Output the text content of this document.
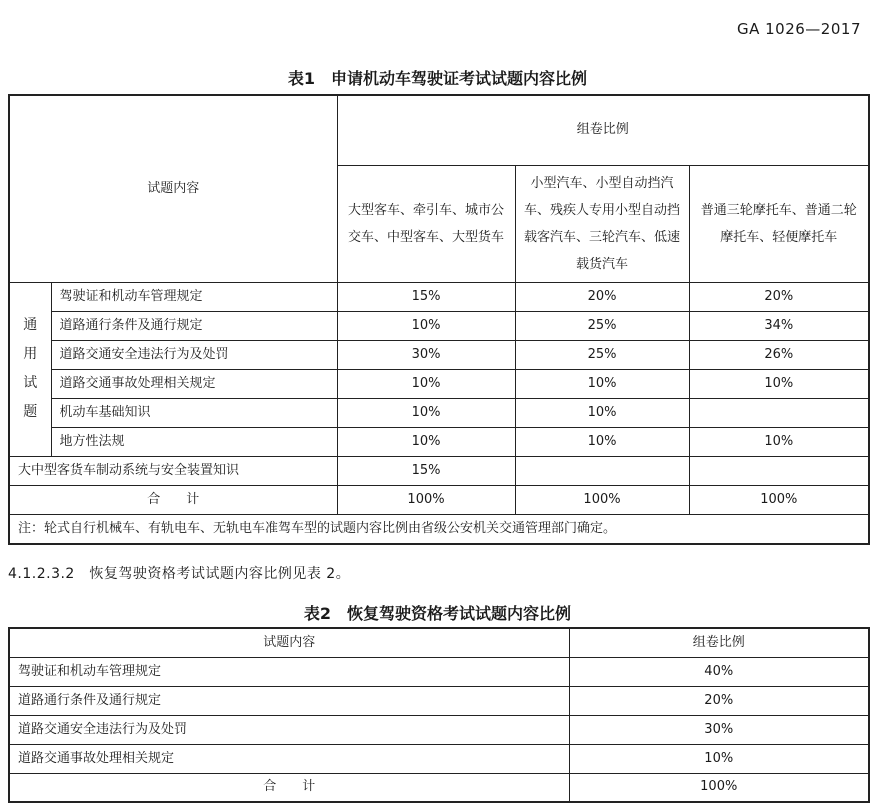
GA 1026—2017
表1　申请机动车驾驶证考试试题内容比例
试题内容		组卷比例		
		大型客车、牵引车、城市公交车、中型客车、大型货车	小型汽车、小型自动挡汽车、残疾人专用小型自动挡载客汽车、三轮汽车、低速载货汽车	普通三轮摩托车、普通二轮摩托车、轻便摩托车

通
用
试
题	驾驶证和机动车管理规定	15%	20%	20%
	道路通行条件及通行规定	10%	25%	34%
	道路交通安全违法行为及处罚	30%	25%	26%
	道路交通事故处理相关规定	10%	10%	10%
	机动车基础知识	10%	10%	
	地方性法规	10%	10%	10%
大中型客货车制动系统与安全装置知识		15%		
合　　计		100%	100%	100%
注：轮式自行机械车、有轨电车、无轨电车准驾车型的试题内容比例由省级公安机关交通管理部门确定。				
4.1.2.3.2　恢复驾驶资格考试试题内容比例见表 2。
表2　恢复驾驶资格考试试题内容比例
试题内容	组卷比例
驾驶证和机动车管理规定	40%
道路通行条件及通行规定	20%
道路交通安全违法行为及处罚	30%
道路交通事故处理相关规定	10%
合　　计	100%
